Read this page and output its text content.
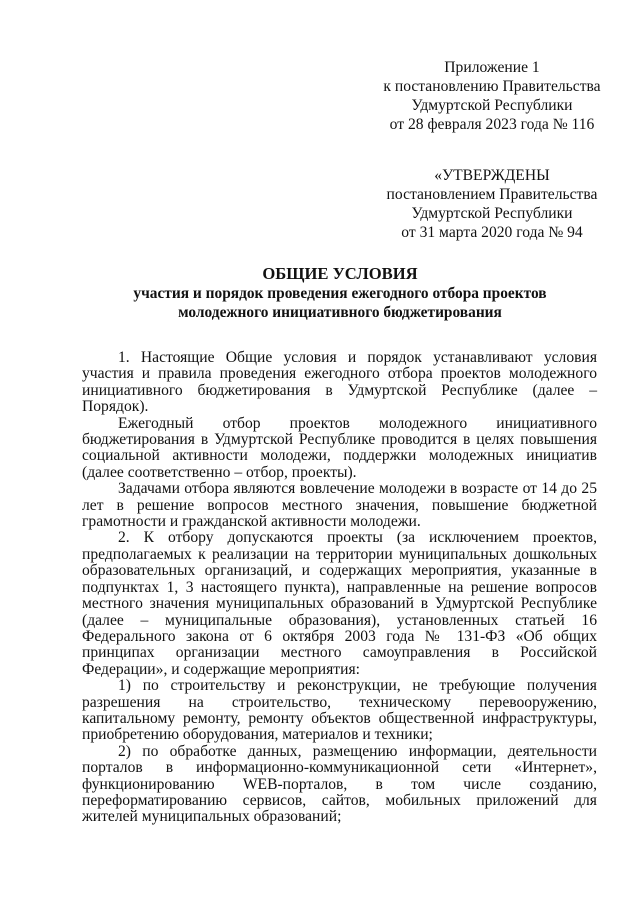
Приложение 1
к постановлению Правительства
Удмуртской Республики
от 28 февраля 2023 года № 116
«УТВЕРЖДЕНЫ
постановлением Правительства
Удмуртской Республики
от 31 марта 2020 года № 94
ОБЩИЕ УСЛОВИЯ
участия и порядок проведения ежегодного отбора проектов
молодежного инициативного бюджетирования

1. Настоящие Общие условия и порядок устанавливают условия участия и правила проведения ежегодного отбора проектов молодежного инициативного бюджетирования в Удмуртской Республике (далее – Порядок).

Ежегодный отбор проектов молодежного инициативного бюджетирования в Удмуртской Республике проводится в целях повышения социальной активности молодежи, поддержки молодежных инициатив (далее соответственно – отбор, проекты).

Задачами отбора являются вовлечение молодежи в возрасте от 14 до 25 лет в решение вопросов местного значения, повышение бюджетной грамотности и гражданской активности молодежи.

2. К отбору допускаются проекты (за исключением проектов, предполагаемых к реализации на территории муниципальных дошкольных образовательных организаций, и содержащих мероприятия, указанные в подпунктах 1, 3 настоящего пункта), направленные на решение вопросов местного значения муниципальных образований в Удмуртской Республике (далее – муниципальные образования), установленных статьей 16 Федерального закона от 6 октября 2003 года № 131-ФЗ «Об общих принципах организации местного самоуправления в Российской Федерации», и содержащие мероприятия:

1) по строительству и реконструкции, не требующие получения разрешения на строительство, техническому перевооружению, капитальному ремонту, ремонту объектов общественной инфраструктуры, приобретению оборудования, материалов и техники;

2) по обработке данных, размещению информации, деятельности порталов в информационно-коммуникационной сети «Интернет», функционированию WEB-порталов, в том числе созданию, переформатированию сервисов, сайтов, мобильных приложений для жителей муниципальных образований;
